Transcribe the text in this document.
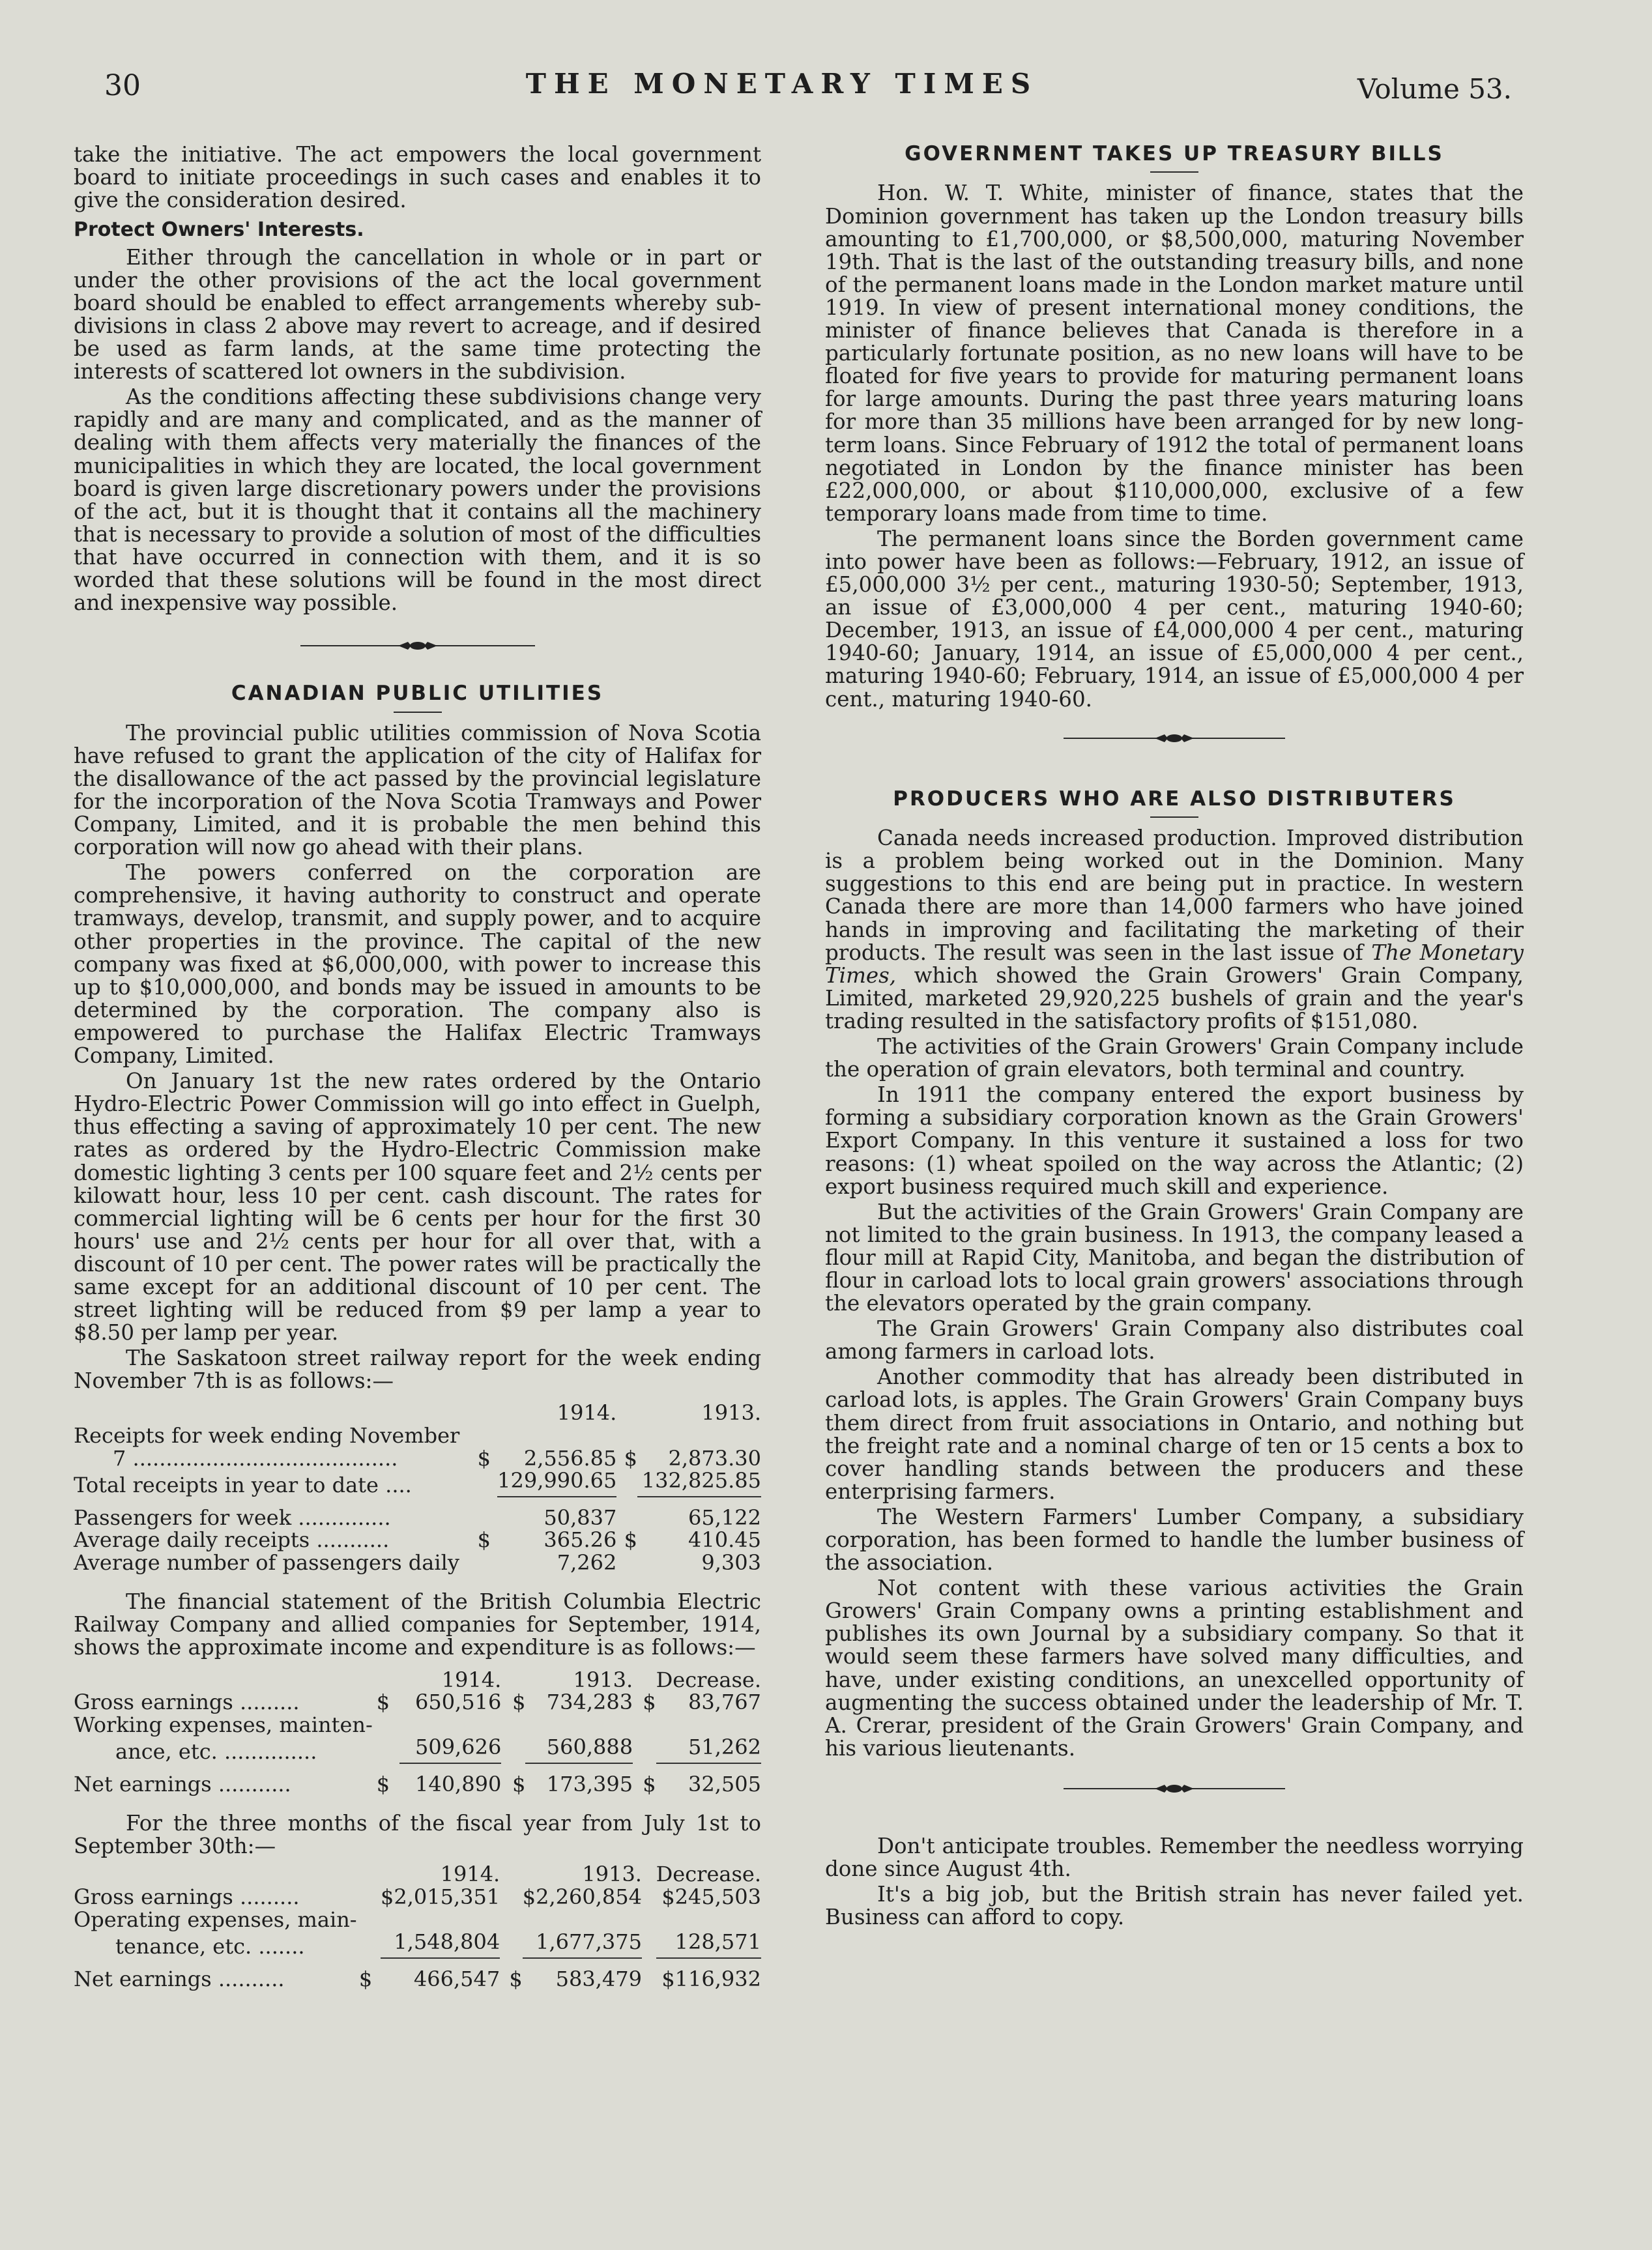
30	THE MONETARY TIMES	Volume 53.

take the initiative. The act empowers the local government board to initiate proceedings in such cases and enables it to give the consideration desired.

Protect Owners' Interests.

Either through the cancellation in whole or in part or under the other provisions of the act the local government board should be enabled to effect arrangements whereby sub-divisions in class 2 above may revert to acreage, and if desired be used as farm lands, at the same time protecting the interests of scattered lot owners in the subdivision.

As the conditions affecting these subdivisions change very rapidly and are many and complicated, and as the manner of dealing with them affects very materially the finances of the municipalities in which they are located, the local government board is given large discretionary powers under the provisions of the act, but it is thought that it contains all the machinery that is necessary to provide a solution of most of the difficulties that have occurred in connection with them, and it is so worded that these solutions will be found in the most direct and inexpensive way possible.

CANADIAN PUBLIC UTILITIES

The provincial public utilities commission of Nova Scotia have refused to grant the application of the city of Halifax for the disallowance of the act passed by the provincial legislature for the incorporation of the Nova Scotia Tramways and Power Company, Limited, and it is probable the men behind this corporation will now go ahead with their plans.

The powers conferred on the corporation are comprehensive, it having authority to construct and operate tramways, develop, transmit, and supply power, and to acquire other properties in the province. The capital of the new company was fixed at $6,000,000, with power to increase this up to $10,000,000, and bonds may be issued in amounts to be determined by the corporation. The company also is empowered to purchase the Halifax Electric Tramways Company, Limited.

On January 1st the new rates ordered by the Ontario Hydro-Electric Power Commission will go into effect in Guelph, thus effecting a saving of approximately 10 per cent. The new rates as ordered by the Hydro-Electric Commission make domestic lighting 3 cents per 100 square feet and 2½ cents per kilowatt hour, less 10 per cent. cash discount. The rates for commercial lighting will be 6 cents per hour for the first 30 hours' use and 2½ cents per hour for all over that, with a discount of 10 per cent. The power rates will be practically the same except for an additional discount of 10 per cent. The street lighting will be reduced from $9 per lamp a year to $8.50 per lamp per year.

The Saskatoon street railway report for the week ending November 7th is as follows:—

		1914.		1913.
Receipts for week ending November				
7 ........................................	$	2,556.85	$	2,873.30
Total receipts in year to date ....		129,990.65		132,825.85
Passengers for week ..............		50,837		65,122
Average daily receipts ...........	$	365.26	$	410.45
Average number of passengers daily		7,262		9,303

The financial statement of the British Columbia Electric Railway Company and allied companies for September, 1914, shows the approximate income and expenditure is as follows:—

		1914.		1913.		Decrease.
Gross earnings .........	$	650,516	$	734,283	$	83,767
Working expenses, mainten-						
ance, etc. ..............		509,626		560,888		51,262
Net earnings ...........	$	140,890	$	173,395	$	32,505

For the three months of the fiscal year from July 1st to September 30th:—

		1914.		1913.		Decrease.
Gross earnings .........		$2,015,351		$2,260,854		$245,503
Operating expenses, main-						
tenance, etc. .......		1,548,804		1,677,375		128,571
Net earnings ..........	$	466,547	$	583,479		$116,932
GOVERNMENT TAKES UP TREASURY BILLS

Hon. W. T. White, minister of finance, states that the Dominion government has taken up the London treasury bills amounting to £1,700,000, or $8,500,000, maturing November 19th. That is the last of the outstanding treasury bills, and none of the permanent loans made in the London market mature until 1919. In view of present international money conditions, the minister of finance believes that Canada is therefore in a particularly fortunate position, as no new loans will have to be floated for five years to provide for maturing permanent loans for large amounts. During the past three years maturing loans for more than 35 millions have been arranged for by new long-term loans. Since February of 1912 the total of permanent loans negotiated in London by the finance minister has been £22,000,000, or about $110,000,000, exclusive of a few temporary loans made from time to time.

The permanent loans since the Borden government came into power have been as follows:—February, 1912, an issue of £5,000,000 3½ per cent., maturing 1930-50; September, 1913, an issue of £3,000,000 4 per cent., maturing 1940-60; December, 1913, an issue of £4,000,000 4 per cent., maturing 1940-60; January, 1914, an issue of £5,000,000 4 per cent., maturing 1940-60; February, 1914, an issue of £5,000,000 4 per cent., maturing 1940-60.

PRODUCERS WHO ARE ALSO DISTRIBUTERS

Canada needs increased production. Improved distribution is a problem being worked out in the Dominion. Many suggestions to this end are being put in practice. In western Canada there are more than 14,000 farmers who have joined hands in improving and facilitating the marketing of their products. The result was seen in the last issue of The Monetary Times, which showed the Grain Growers' Grain Company, Limited, marketed 29,920,225 bushels of grain and the year's trading resulted in the satisfactory profits of $151,080.

The activities of the Grain Growers' Grain Company include the operation of grain elevators, both terminal and country.

In 1911 the company entered the export business by forming a subsidiary corporation known as the Grain Growers' Export Company. In this venture it sustained a loss for two reasons: (1) wheat spoiled on the way across the Atlantic; (2) export business required much skill and experience.

But the activities of the Grain Growers' Grain Company are not limited to the grain business. In 1913, the company leased a flour mill at Rapid City, Manitoba, and began the distribution of flour in carload lots to local grain growers' associations through the elevators operated by the grain company.

The Grain Growers' Grain Company also distributes coal among farmers in carload lots.

Another commodity that has already been distributed in carload lots, is apples. The Grain Growers' Grain Company buys them direct from fruit associations in Ontario, and nothing but the freight rate and a nominal charge of ten or 15 cents a box to cover handling stands between the producers and these enterprising farmers.

The Western Farmers' Lumber Company, a subsidiary corporation, has been formed to handle the lumber business of the association.

Not content with these various activities the Grain Growers' Grain Company owns a printing establishment and publishes its own Journal by a subsidiary company. So that it would seem these farmers have solved many difficulties, and have, under existing conditions, an unexcelled opportunity of augmenting the success obtained under the leadership of Mr. T. A. Crerar, president of the Grain Growers' Grain Company, and his various lieutenants.

Don't anticipate troubles. Remember the needless worrying done since August 4th.

It's a big job, but the British strain has never failed yet. Business can afford to copy.
